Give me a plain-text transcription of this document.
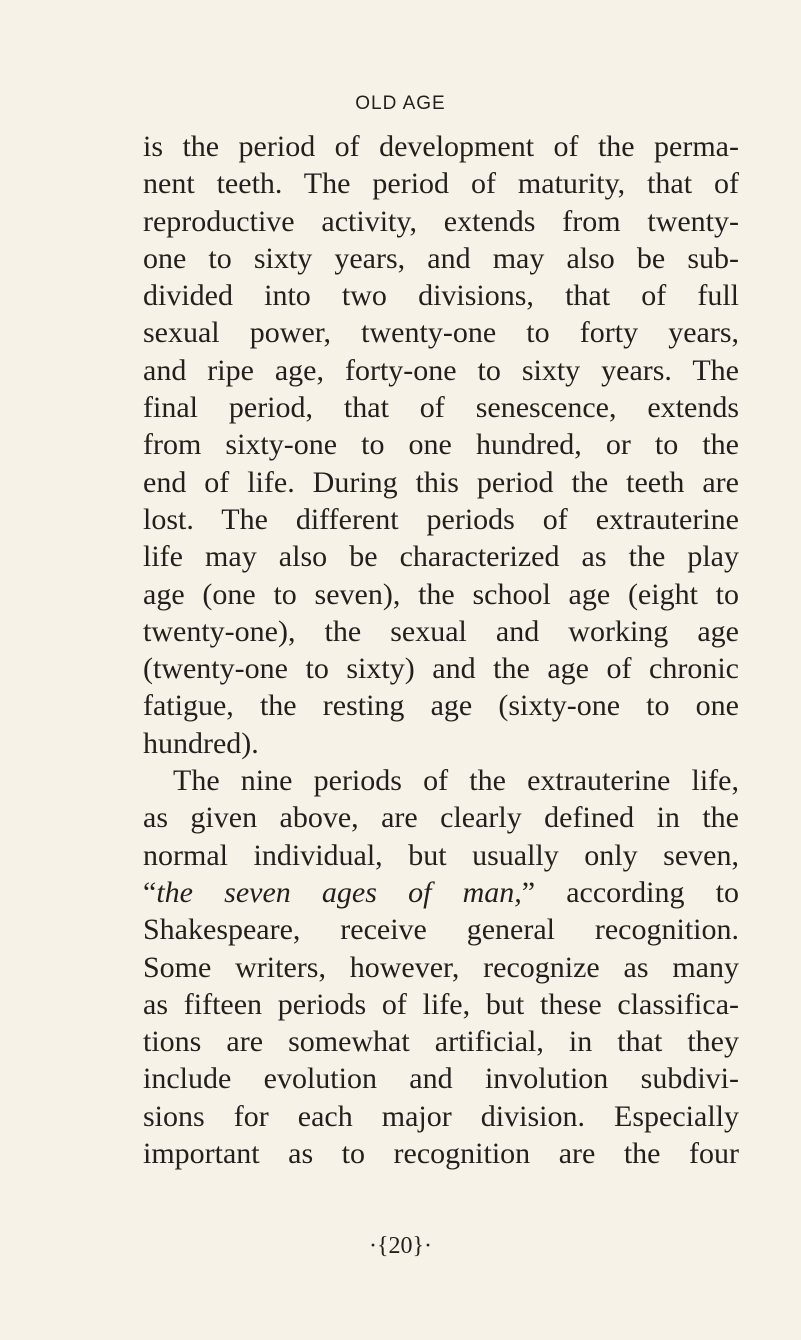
OLD AGE
is the period of development of the perma-
nent teeth. The period of maturity, that of
reproductive activity, extends from twenty-
one to sixty years, and may also be sub-
divided into two divisions, that of full
sexual power, twenty-one to forty years,
and ripe age, forty-one to sixty years. The
final period, that of senescence, extends
from sixty-one to one hundred, or to the
end of life. During this period the teeth are
lost. The different periods of extrauterine
life may also be characterized as the play
age (one to seven), the school age (eight to
twenty-one), the sexual and working age
(twenty-one to sixty) and the age of chronic
fatigue, the resting age (sixty-one to one
hundred).
The nine periods of the extrauterine life,
as given above, are clearly defined in the
normal individual, but usually only seven,
“the seven ages of man,” according to
Shakespeare, receive general recognition.
Some writers, however, recognize as many
as fifteen periods of life, but these classifica-
tions are somewhat artificial, in that they
include evolution and involution subdivi-
sions for each major division. Especially
important as to recognition are the four
·{20}·
